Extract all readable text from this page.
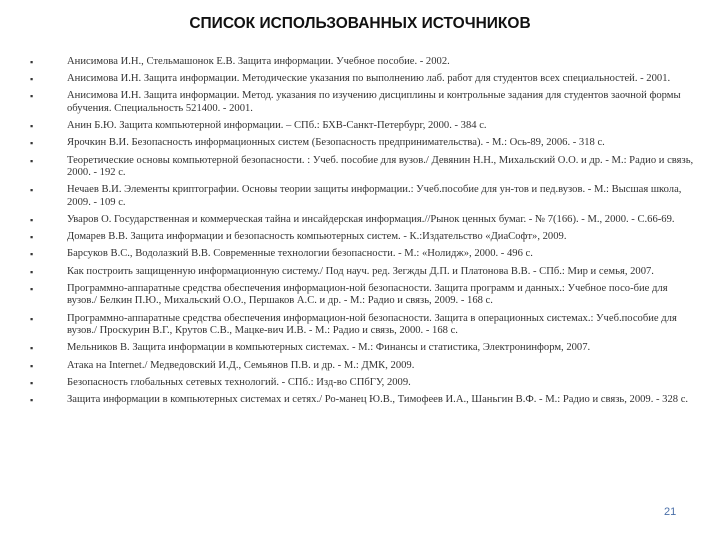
СПИСОК ИСПОЛЬЗОВАННЫХ ИСТОЧНИКОВ
▪	Анисимова И.Н., Стельмашонок Е.В. Защита информации. Учебное пособие. - 2002.
▪	Анисимова И.Н. Защита информации. Методические указания по выполнению лаб. работ для студентов всех специальностей. - 2001.
▪	Анисимова И.Н. Защита информации. Метод. указания по изучению дисциплины и контрольные задания для студентов заочной формы обучения. Специальность 521400. - 2001.
▪	Анин Б.Ю. Защита компьютерной информации. – СПб.: БХВ-Санкт-Петербург, 2000. - 384 с.
▪	Ярочкин В.И. Безопасность информационных систем (Безопасность предпринимательства). - М.: Ось-89, 2006. - 318 с.
▪	Теоретические основы компьютерной безопасности. : Учеб. пособие для вузов./ Девянин Н.Н., Михальский О.О. и др. - М.: Радио и связь, 2000. - 192 с.
▪	Нечаев В.И. Элементы криптографии. Основы теории защиты информации.: Учеб.пособие для ун-тов и пед.вузов. - М.: Высшая школа, 2009. - 109 с.
▪	Уваров О. Государственная и коммерческая тайна и инсайдерская информация.//Рынок ценных бумаг. - № 7(166). - М., 2000. - С.66-69.
▪	Домарев В.В. Защита информации и безопасность компьютерных систем. - К.:Издательство «ДиаСофт», 2009.
▪	Барсуков В.С., Водолазкий В.В. Современные технологии безопасности. - М.: «Нолидж», 2000. - 496 с.
▪	Как построить защищенную информационную систему./ Под науч. ред. Зегжды Д.П. и Платонова В.В. - СПб.: Мир и семья, 2007.
▪	Программно-аппаратные средства обеспечения информацион-ной безопасности. Защита программ и данных.: Учебное посо-бие для вузов./ Белкин П.Ю., Михальский О.О., Першаков А.С. и др. - М.: Радио и связь, 2009. - 168 с.
▪	Программно-аппаратные средства обеспечения информацион-ной безопасности. Защита в операционных системах.: Учеб.пособие для вузов./ Проскурин В.Г., Крутов С.В., Мацке-вич И.В. - М.: Радио и связь, 2000. - 168 с.
▪	Мельников В. Защита информации в компьютерных системах. - М.: Финансы и статистика, Электронинформ, 2007.
▪	Атака на Internet./ Медведовский И.Д., Семьянов П.В. и др. - М.: ДМК, 2009.
▪	Безопасность глобальных сетевых технологий. - СПб.: Изд-во СПбГУ, 2009.
▪	Защита информации в компьютерных системах и сетях./ Ро-манец Ю.В., Тимофеев И.А., Шаньгин В.Ф. - М.: Радио и связь, 2009. - 328 с.
21
